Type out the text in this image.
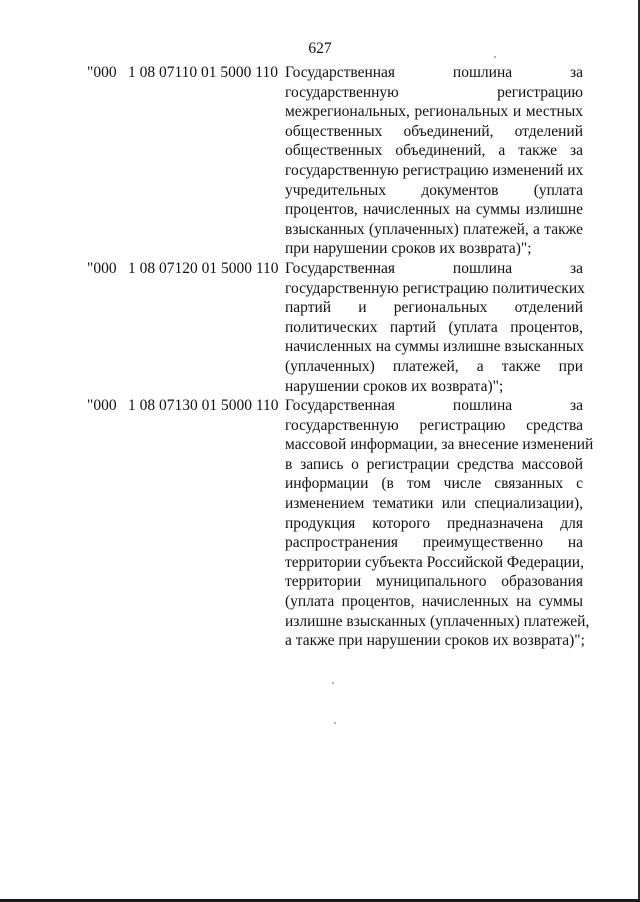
627
"000 1 08 07110 01 5000 110 Государственная пошлина за
государственную регистрацию
межрегиональных, региональных и местных
общественных объединений, отделений
общественных объединений, а также за
государственную регистрацию изменений их
учредительных документов (уплата
процентов, начисленных на суммы излишне
взысканных (уплаченных) платежей, а также
при нарушении сроков их возврата)";
"000 1 08 07120 01 5000 110 Государственная пошлина за
государственную регистрацию политических
партий и региональных отделений
политических партий (уплата процентов,
начисленных на суммы излишне взысканных
(уплаченных) платежей, а также при
нарушении сроков их возврата)";
"000 1 08 07130 01 5000 110 Государственная пошлина за
государственную регистрацию средства
массовой информации, за внесение изменений
в запись о регистрации средства массовой
информации (в том числе связанных с
изменением тематики или специализации),
продукция которого предназначена для
распространения преимущественно на
территории субъекта Российской Федерации,
территории муниципального образования
(уплата процентов, начисленных на суммы
излишне взысканных (уплаченных) платежей,
а также при нарушении сроков их возврата)";
